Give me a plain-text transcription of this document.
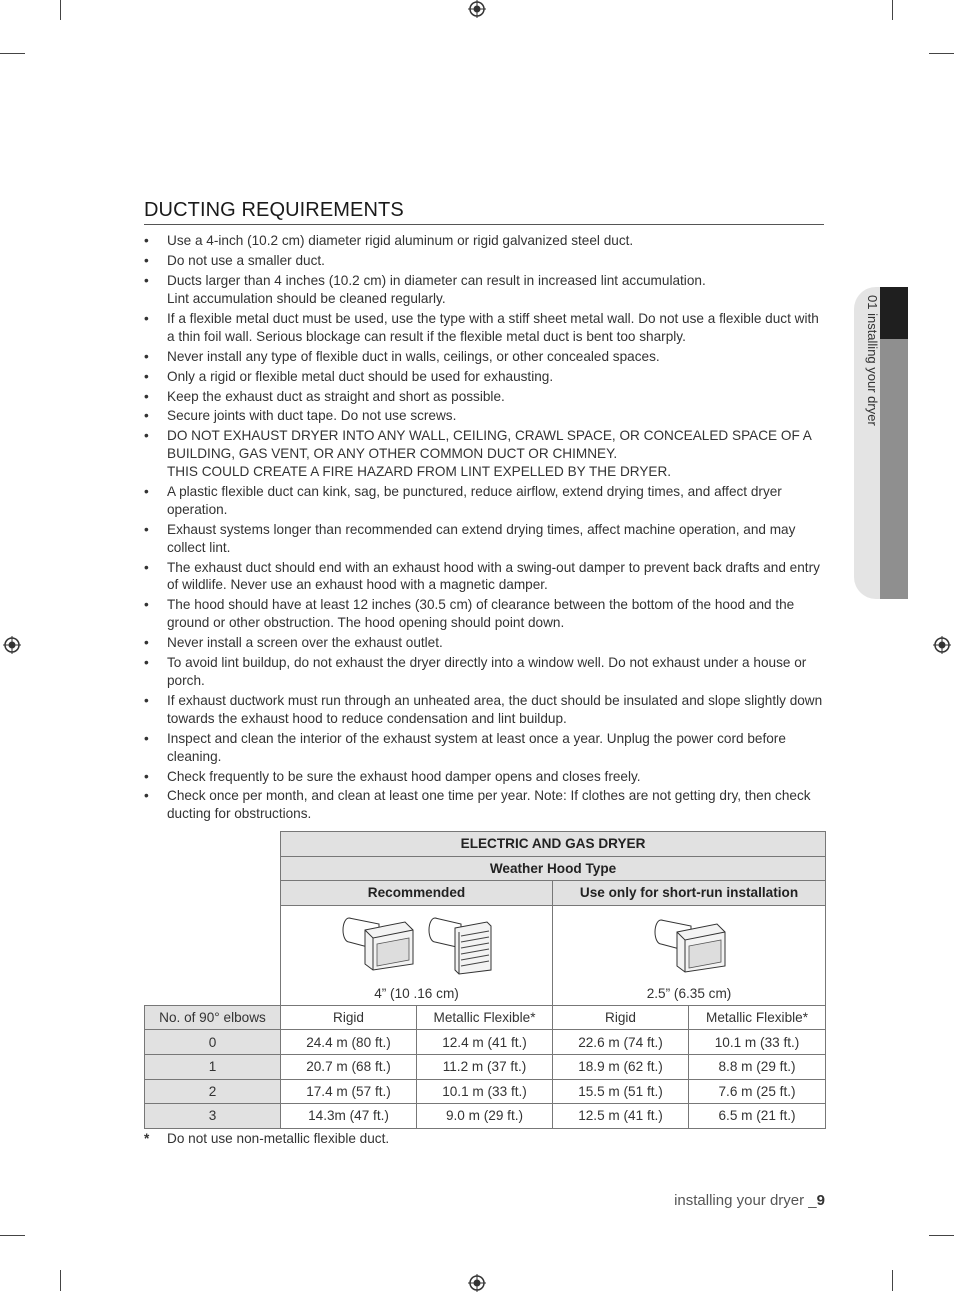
DUCTING REQUIREMENTS
• Use a 4-inch (10.2 cm) diameter rigid aluminum or rigid galvanized steel duct.
• Do not use a smaller duct.
• Ducts larger than 4 inches (10.2 cm) in diameter can result in increased lint accumulation.
Lint accumulation should be cleaned regularly.
• If a flexible metal duct must be used, use the type with a stiff sheet metal wall. Do not use a flexible duct with a thin foil wall. Serious blockage can result if the flexible metal duct is bent too sharply.
• Never install any type of flexible duct in walls, ceilings, or other concealed spaces.
• Only a rigid or flexible metal duct should be used for exhausting.
• Keep the exhaust duct as straight and short as possible.
• Secure joints with duct tape. Do not use screws.
• DO NOT EXHAUST DRYER INTO ANY WALL, CEILING, CRAWL SPACE, OR CONCEALED SPACE OF A BUILDING, GAS VENT, OR ANY OTHER COMMON DUCT OR CHIMNEY.
THIS COULD CREATE A FIRE HAZARD FROM LINT EXPELLED BY THE DRYER.
• A plastic flexible duct can kink, sag, be punctured, reduce airflow, extend drying times, and affect dryer operation.
• Exhaust systems longer than recommended can extend drying times, affect machine operation, and may collect lint.
• The exhaust duct should end with an exhaust hood with a swing-out damper to prevent back drafts and entry of wildlife. Never use an exhaust hood with a magnetic damper.
• The hood should have at least 12 inches (30.5 cm) of clearance between the bottom of the hood and the ground or other obstruction. The hood opening should point down.
• Never install a screen over the exhaust outlet.
• To avoid lint buildup, do not exhaust the dryer directly into a window well. Do not exhaust under a house or porch.
• If exhaust ductwork must run through an unheated area, the duct should be insulated and slope slightly down towards the exhaust hood to reduce condensation and lint buildup.
• Inspect and clean the interior of the exhaust system at least once a year. Unplug the power cord before cleaning.
• Check frequently to be sure the exhaust hood damper opens and closes freely.
• Check once per month, and clean at least one time per year. Note: If clothes are not getting dry, then check ducting for obstructions.
	ELECTRIC AND GAS DRYER			
	Weather Hood Type			
	Recommended		Use only for short-run installation	

4” (10 .16 cm)		2.5” (6.35 cm)	
No. of 90° elbows	Rigid	Metallic Flexible*	Rigid	Metallic Flexible*
0	24.4 m (80 ft.)	12.4 m (41 ft.)	22.6 m (74 ft.)	10.1 m (33 ft.)
1	20.7 m (68 ft.)	11.2 m (37 ft.)	18.9 m (62 ft.)	8.8 m (29 ft.)
2	17.4 m (57 ft.)	10.1 m (33 ft.)	15.5 m (51 ft.)	7.6 m (25 ft.)
3	14.3m (47 ft.)	9.0 m (29 ft.)	12.5 m (41 ft.)	6.5 m (21 ft.)
* Do not use non-metallic flexible duct.
01 installing your dryer
installing your dryer _9
